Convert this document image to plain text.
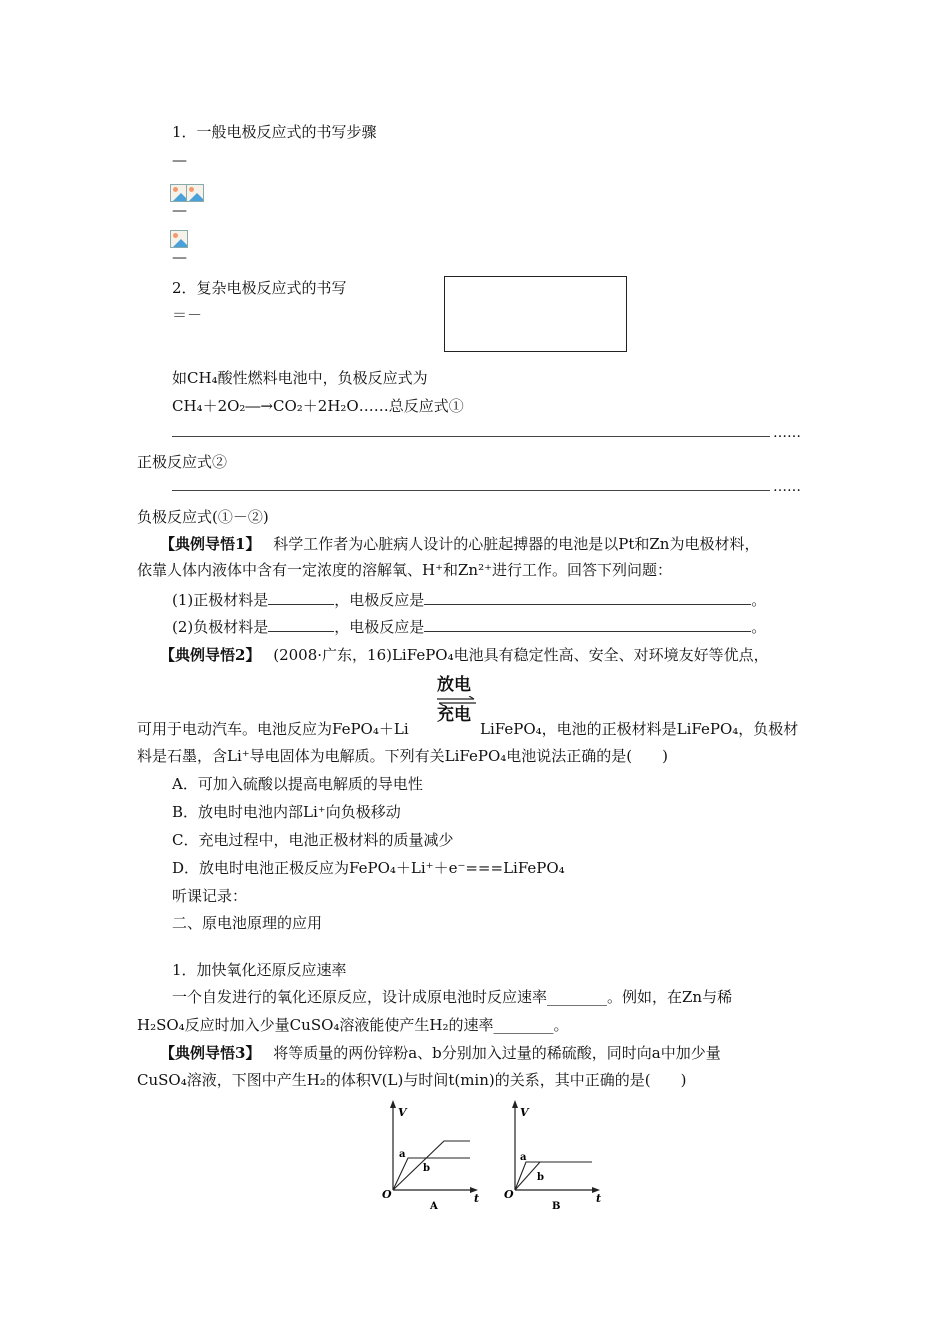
1．一般电极反应式的书写步骤
—
—
—
2．复杂电极反应式的书写
＝－
如CH₄酸性燃料电池中，负极反应式为
CH₄＋2O₂―→CO₂＋2H₂O……总反应式①
……
正极反应式②
……
负极反应式(①－②)
【典例导悟1】 科学工作者为心脏病人设计的心脏起搏器的电池是以Pt和Zn为电极材料，
依靠人体内液体中含有一定浓度的溶解氧、H⁺和Zn²⁺进行工作。回答下列问题：
(1)正极材料是	，电极反应是	。
(2)负极材料是	，电极反应是	。
【典例导悟2】 (2008·广东，16)LiFePO₄电池具有稳定性高、安全、对环境友好等优点，
放电
充电
可用于电动汽车。电池反应为FePO₄＋Li	LiFePO₄，电池的正极材料是LiFePO₄，负极材
料是石墨，含Li⁺导电固体为电解质。下列有关LiFePO₄电池说法正确的是(　　)
A．可加入硫酸以提高电解质的导电性
B．放电时电池内部Li⁺向负极移动
C．充电过程中，电池正极材料的质量减少
D．放电时电池正极反应为FePO₄＋Li⁺＋e⁻===LiFePO₄
听课记录：
二、原电池原理的应用
1．加快氧化还原反应速率
一个自发进行的氧化还原反应，设计成原电池时反应速率________。例如，在Zn与稀
H₂SO₄反应时加入少量CuSO₄溶液能使产生H₂的速率________。
【典例导悟3】 将等质量的两份锌粉a、b分别加入过量的稀硫酸，同时向a中加少量
CuSO₄溶液，下图中产生H₂的体积V(L)与时间t(min)的关系，其中正确的是(　　)
V
t
O
a
b
A
V
t
O
a
b
B
